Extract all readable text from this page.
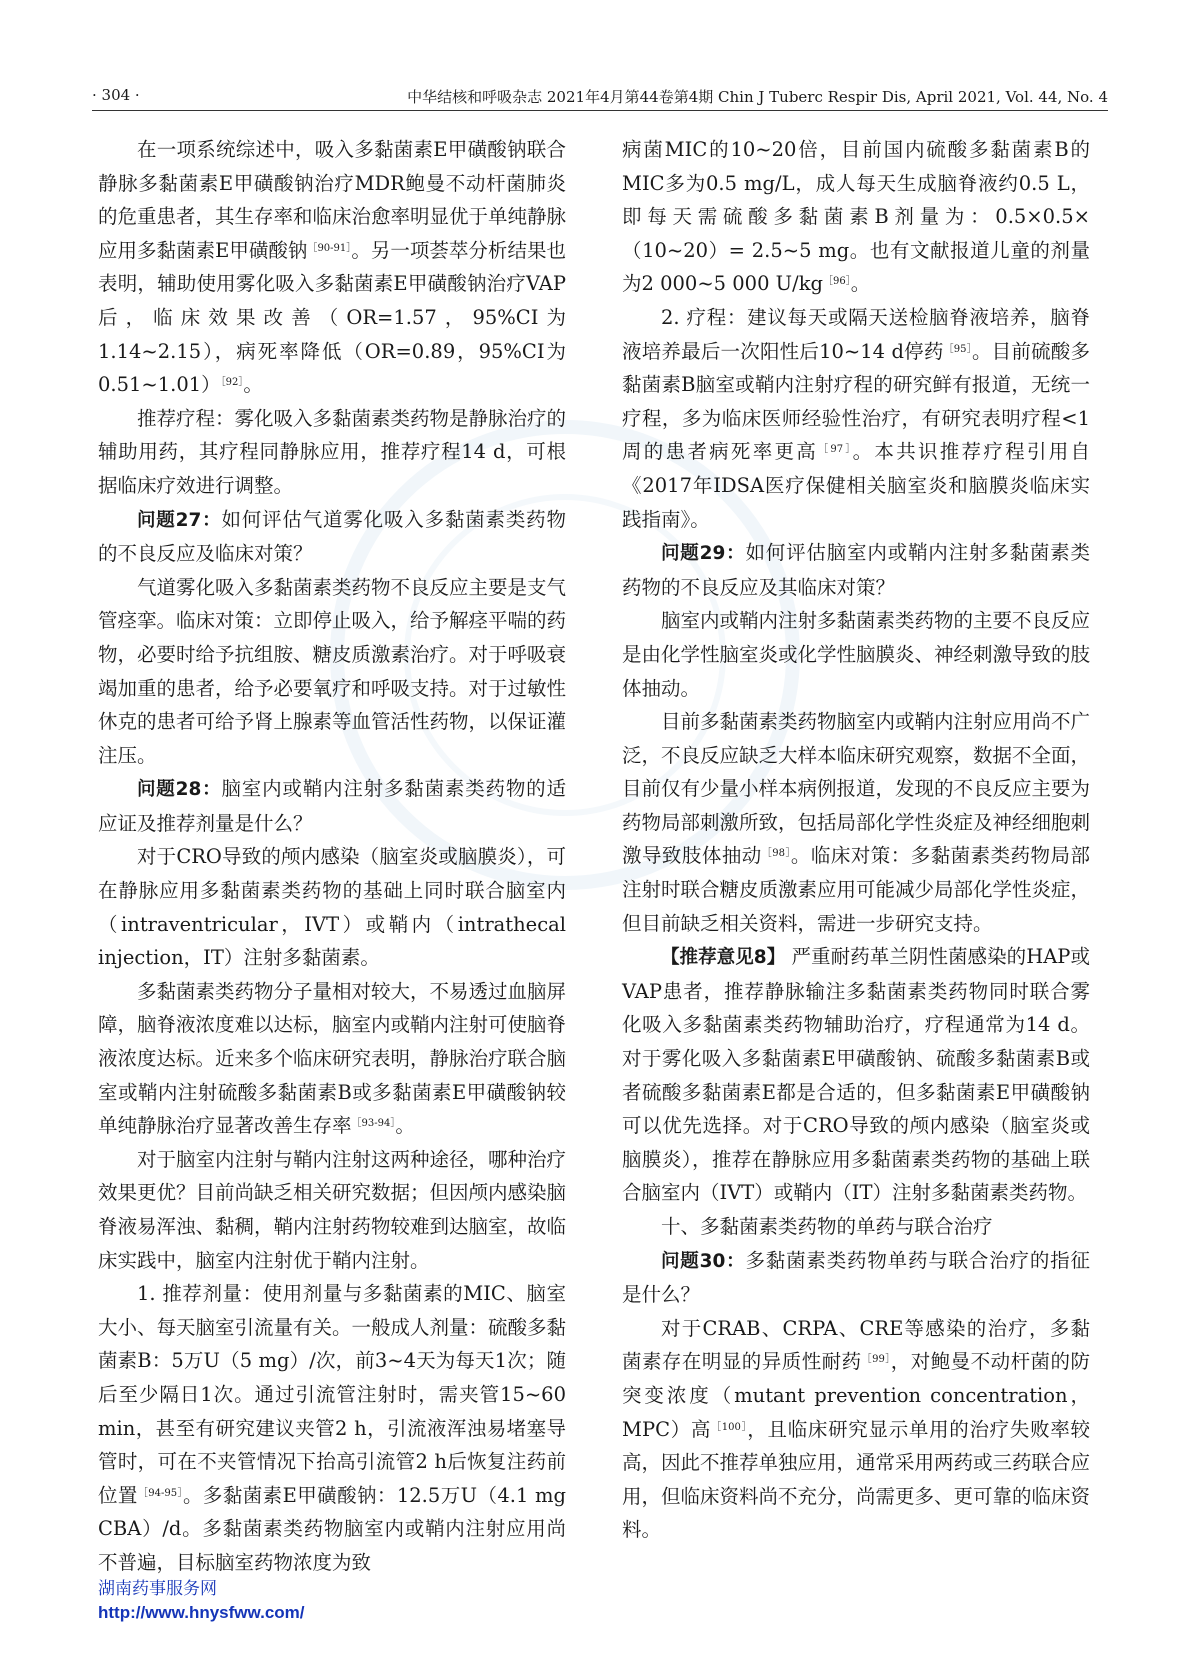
· 304 ·	中华结核和呼吸杂志 2021年4月第44卷第4期 Chin J Tuberc Respir Dis, April 2021, Vol. 44, No. 4

在一项系统综述中，吸入多黏菌素E甲磺酸钠联合静脉多黏菌素E甲磺酸钠治疗MDR鲍曼不动杆菌肺炎的危重患者，其生存率和临床治愈率明显优于单纯静脉应用多黏菌素E甲磺酸钠$^{[90-91]}$。另一项荟萃分析结果也表明，辅助使用雾化吸入多黏菌素E甲磺酸钠治疗VAP后，临床效果改善（OR=1.57，95%CI为1.14~2.15），病死率降低（OR=0.89，95%CI为0.51~1.01）$^{[92]}$。

推荐疗程：雾化吸入多黏菌素类药物是静脉治疗的辅助用药，其疗程同静脉应用，推荐疗程14 d，可根据临床疗效进行调整。

问题27：如何评估气道雾化吸入多黏菌素类药物的不良反应及临床对策？

气道雾化吸入多黏菌素类药物不良反应主要是支气管痉挛。临床对策：立即停止吸入，给予解痉平喘的药物，必要时给予抗组胺、糖皮质激素治疗。对于呼吸衰竭加重的患者，给予必要氧疗和呼吸支持。对于过敏性休克的患者可给予肾上腺素等血管活性药物，以保证灌注压。

问题28：脑室内或鞘内注射多黏菌素类药物的适应证及推荐剂量是什么？

对于CRO导致的颅内感染（脑室炎或脑膜炎），可在静脉应用多黏菌素类药物的基础上同时联合脑室内（intraventricular，IVT）或鞘内（intrathecal injection，IT）注射多黏菌素。

多黏菌素类药物分子量相对较大，不易透过血脑屏障，脑脊液浓度难以达标，脑室内或鞘内注射可使脑脊液浓度达标。近来多个临床研究表明，静脉治疗联合脑室或鞘内注射硫酸多黏菌素B或多黏菌素E甲磺酸钠较单纯静脉治疗显著改善生存率$^{[93-94]}$。

对于脑室内注射与鞘内注射这两种途径，哪种治疗效果更优？目前尚缺乏相关研究数据；但因颅内感染脑脊液易浑浊、黏稠，鞘内注射药物较难到达脑室，故临床实践中，脑室内注射优于鞘内注射。

1. 推荐剂量：使用剂量与多黏菌素的MIC、脑室大小、每天脑室引流量有关。一般成人剂量：硫酸多黏菌素B：5万U（5 mg）/次，前3~4天为每天1次；随后至少隔日1次。通过引流管注射时，需夹管15~60 min，甚至有研究建议夹管2 h，引流液浑浊易堵塞导管时，可在不夹管情况下抬高引流管2 h后恢复注药前位置$^{[94-95]}$。多黏菌素E甲磺酸钠：12.5万U（4.1 mg CBA）/d。多黏菌素类药物脑室内或鞘内注射应用尚不普遍，目标脑室药物浓度为致

病菌MIC的10~20倍，目前国内硫酸多黏菌素B的MIC多为0.5 mg/L，成人每天生成脑脊液约0.5 L，即每天需硫酸多黏菌素B剂量为：0.5×0.5×（10~20）= 2.5~5 mg。也有文献报道儿童的剂量为2 000~5 000 $U/kg^{[96]}$。

2. 疗程：建议每天或隔天送检脑脊液培养，脑脊液培养最后一次阳性后10~14 d停药$^{[95]}$。目前硫酸多黏菌素B脑室或鞘内注射疗程的研究鲜有报道，无统一疗程，多为临床医师经验性治疗，有研究表明疗程<1周的患者病死率更高$^{[97]}$。本共识推荐疗程引用自《2017年IDSA医疗保健相关脑室炎和脑膜炎临床实践指南》。

问题29：如何评估脑室内或鞘内注射多黏菌素类药物的不良反应及其临床对策？

脑室内或鞘内注射多黏菌素类药物的主要不良反应是由化学性脑室炎或化学性脑膜炎、神经刺激导致的肢体抽动。

目前多黏菌素类药物脑室内或鞘内注射应用尚不广泛，不良反应缺乏大样本临床研究观察，数据不全面，目前仅有少量小样本病例报道，发现的不良反应主要为药物局部刺激所致，包括局部化学性炎症及神经细胞刺激导致肢体抽动$^{[98]}$。临床对策：多黏菌素类药物局部注射时联合糖皮质激素应用可能减少局部化学性炎症，但目前缺乏相关资料，需进一步研究支持。

【推荐意见8】 严重耐药革兰阴性菌感染的HAP或VAP患者，推荐静脉输注多黏菌素类药物同时联合雾化吸入多黏菌素类药物辅助治疗，疗程通常为14 d。对于雾化吸入多黏菌素E甲磺酸钠、硫酸多黏菌素B或者硫酸多黏菌素E都是合适的，但多黏菌素E甲磺酸钠可以优先选择。对于CRO导致的颅内感染（脑室炎或脑膜炎），推荐在静脉应用多黏菌素类药物的基础上联合脑室内（IVT）或鞘内（IT）注射多黏菌素类药物。

十、多黏菌素类药物的单药与联合治疗

问题30：多黏菌素类药物单药与联合治疗的指征是什么？

对于CRAB、CRPA、CRE等感染的治疗，多黏菌素存在明显的异质性耐药$^{[99]}$，对鲍曼不动杆菌的防突变浓度（mutant prevention concentration，MPC）高$^{[100]}$，且临床研究显示单用的治疗失败率较高，因此不推荐单独应用，通常采用两药或三药联合应用，但临床资料尚不充分，尚需更多、更可靠的临床资料。

湖南药事服务网
http://www.hnysfww.com/
